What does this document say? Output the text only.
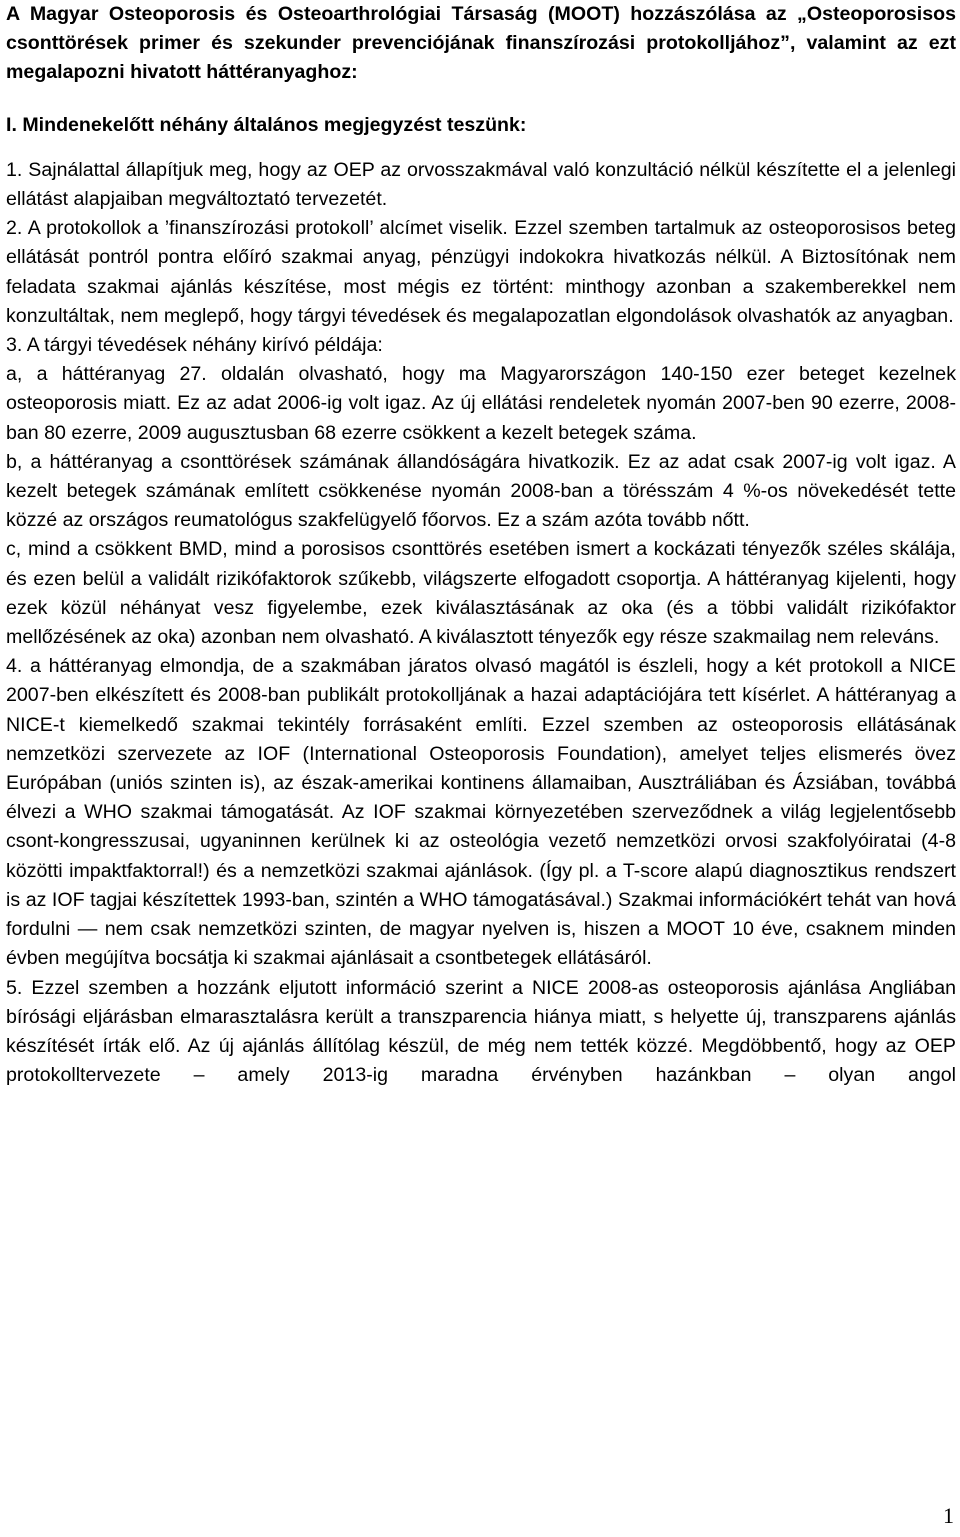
A Magyar Osteoporosis és Osteoarthrológiai Társaság (MOOT) hozzászólása az „Osteoporosisos csonttörések primer és szekunder prevenciójának finanszírozási protokolljához”, valamint az ezt megalapozni hivatott háttéranyaghoz:

I. Mindenekelőtt néhány általános megjegyzést teszünk:

1. Sajnálattal állapítjuk meg, hogy az OEP az orvosszakmával való konzultáció nélkül készítette el a jelenlegi ellátást alapjaiban megváltoztató tervezetét.

2. A protokollok a ’finanszírozási protokoll’ alcímet viselik. Ezzel szemben tartalmuk az osteoporosisos beteg ellátását pontról pontra előíró szakmai anyag, pénzügyi indokokra hivatkozás nélkül. A Biztosítónak nem feladata szakmai ajánlás készítése, most mégis ez történt: minthogy azonban a szakemberekkel nem konzultáltak, nem meglepő, hogy tárgyi tévedések és megalapozatlan elgondolások olvashatók az anyagban.

3. A tárgyi tévedések néhány kirívó példája:

a, a háttéranyag 27. oldalán olvasható, hogy ma Magyarországon 140-150 ezer beteget kezelnek osteoporosis miatt. Ez az adat 2006-ig volt igaz. Az új ellátási rendeletek nyomán 2007-ben 90 ezerre, 2008-ban 80 ezerre, 2009 augusztusban 68 ezerre csökkent a kezelt betegek száma.

b, a háttéranyag a csonttörések számának állandóságára hivatkozik. Ez az adat csak 2007-ig volt igaz. A kezelt betegek számának említett csökkenése nyomán 2008-ban a törésszám 4 %-os növekedését tette közzé az országos reumatológus szakfelügyelő főorvos. Ez a szám azóta tovább nőtt.

c, mind a csökkent BMD, mind a porosisos csonttörés esetében ismert a kockázati tényezők széles skálája, és ezen belül a validált rizikófaktorok szűkebb, világszerte elfogadott csoportja. A háttéranyag kijelenti, hogy ezek közül néhányat vesz figyelembe, ezek kiválasztásának az oka (és a többi validált rizikófaktor mellőzésének az oka) azonban nem olvasható. A kiválasztott tényezők egy része szakmailag nem releváns.

4. a háttéranyag elmondja, de a szakmában járatos olvasó magától is észleli, hogy a két protokoll a NICE 2007-ben elkészített és 2008-ban publikált protokolljának a hazai adaptációjára tett kísérlet. A háttéranyag a NICE-t kiemelkedő szakmai tekintély forrásaként említi. Ezzel szemben az osteoporosis ellátásának nemzetközi szervezete az IOF (International Osteoporosis Foundation), amelyet teljes elismerés övez Európában (uniós szinten is), az észak-amerikai kontinens államaiban, Ausztráliában és Ázsiában, továbbá élvezi a WHO szakmai támogatását. Az IOF szakmai környezetében szerveződnek a világ legjelentősebb csont-kongresszusai, ugyaninnen kerülnek ki az osteológia vezető nemzetközi orvosi szakfolyóiratai (4-8 közötti impaktfaktorral!) és a nemzetközi szakmai ajánlások. (Így pl. a T-score alapú diagnosztikus rendszert is az IOF tagjai készítettek 1993-ban, szintén a WHO támogatásával.) Szakmai információkért tehát van hová fordulni — nem csak nemzetközi szinten, de magyar nyelven is, hiszen a MOOT 10 éve, csaknem minden évben megújítva bocsátja ki szakmai ajánlásait a csontbetegek ellátásáról.

5. Ezzel szemben a hozzánk eljutott információ szerint a NICE 2008-as osteoporosis ajánlása Angliában bírósági eljárásban elmarasztalásra került a transzparencia hiánya miatt, s helyette új, transzparens ajánlás készítését írták elő. Az új ajánlás állítólag készül, de még nem tették közzé. Megdöbbentő, hogy az OEP protokolltervezete – amely 2013-ig maradna érvényben hazánkban – olyan angol

1
